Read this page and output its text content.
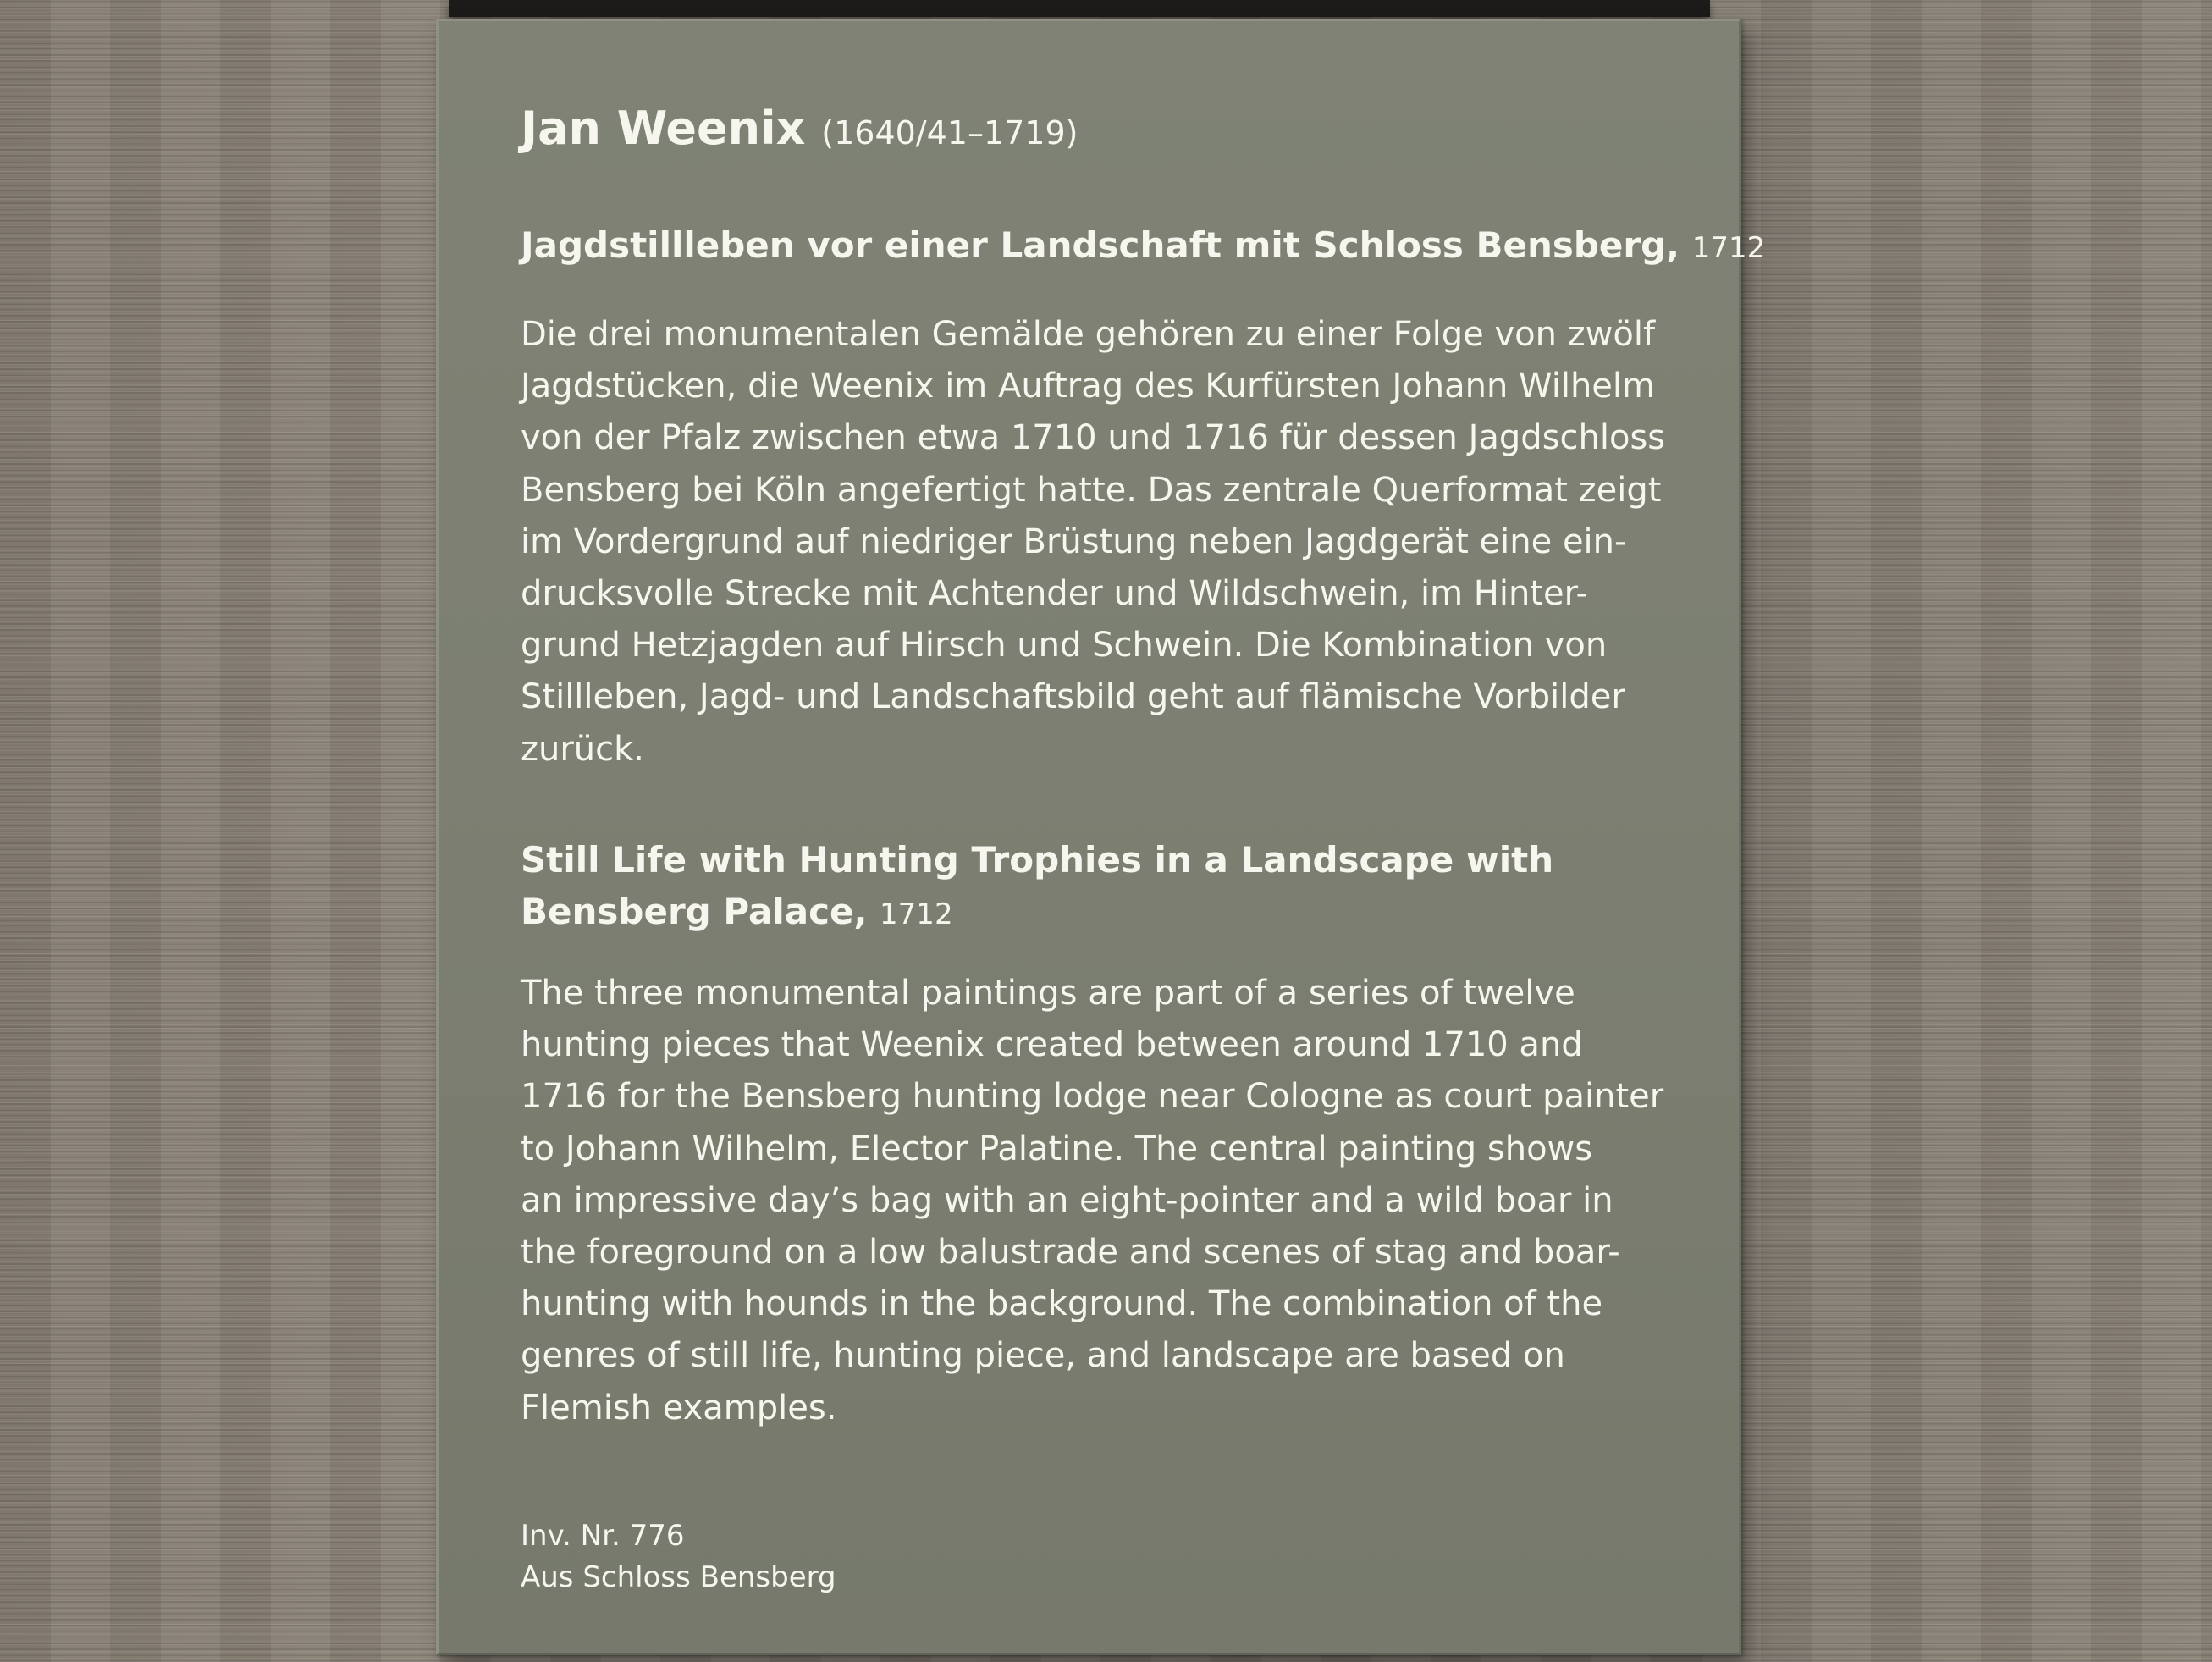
Jan Weenix (1640/41–1719)
Jagdstillleben vor einer Landschaft mit Schloss Bensberg, 1712

Die drei monumentalen Gemälde gehören zu einer Folge von zwölf
Jagdstücken, die Weenix im Auftrag des Kurfürsten Johann Wilhelm
von der Pfalz zwischen etwa 1710 und 1716 für dessen Jagdschloss
Bensberg bei Köln angefertigt hatte. Das zentrale Querformat zeigt
im Vordergrund auf niedriger Brüstung neben Jagdgerät eine ein-
drucksvolle Strecke mit Achtender und Wildschwein, im Hinter-
grund Hetzjagden auf Hirsch und Schwein. Die Kombination von
Stillleben, Jagd- und Landschaftsbild geht auf flämische Vorbilder
zurück.

Still Life with Hunting Trophies in a Landscape with
Bensberg Palace, 1712

The three monumental paintings are part of a series of twelve
hunting pieces that Weenix created between around 1710 and
1716 for the Bensberg hunting lodge near Cologne as court painter
to Johann Wilhelm, Elector Palatine. The central painting shows
an impressive day’s bag with an eight-pointer and a wild boar in
the foreground on a low balustrade and scenes of stag and boar-
hunting with hounds in the background. The combination of the
genres of still life, hunting piece, and landscape are based on
Flemish examples.

Inv. Nr. 776
Aus Schloss Bensberg
